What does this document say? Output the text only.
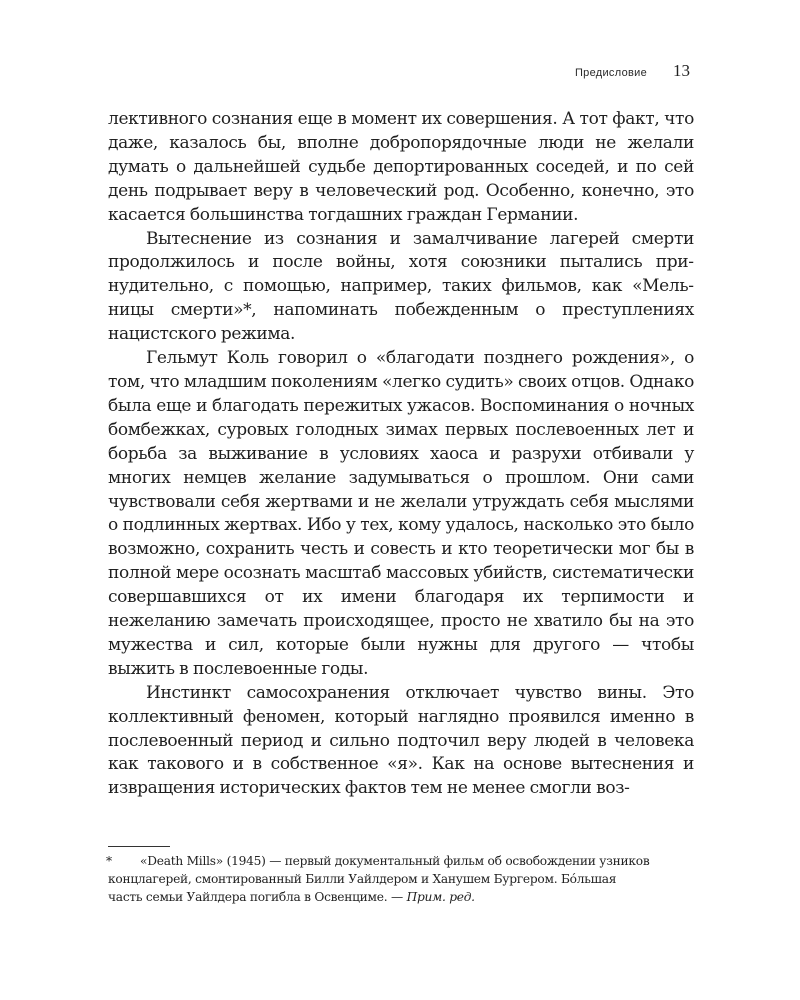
Предисловие 13

лективного сознания еще в момент их совершения. А тот факт, что даже, казалось бы, вполне добропорядочные люди не желали думать о дальнейшей судьбе депортированных соседей, и по сей день подрывает веру в человеческий род. Особенно, конечно, это касается большинства тогдашних граждан Германии.

Вытеснение из сознания и замалчивание лагерей смерти продолжилось и после войны, хотя союзники пытались принудительно, с помощью, например, таких фильмов, как «Мельницы смерти»*, напоминать побежденным о преступлениях нацистского режима.

Гельмут Коль говорил о «благодати позднего рождения», о том, что младшим поколениям «легко судить» своих отцов. Однако была еще и благодать пережитых ужасов. Воспоминания о ночных бомбежках, суровых голодных зимах первых послевоенных лет и борьба за выживание в условиях хаоса и разрухи отбивали у многих немцев желание задумываться о прошлом. Они сами чувствовали себя жертвами и не желали утруждать себя мыслями о подлинных жертвах. Ибо у тех, кому удалось, насколько это было возможно, сохранить честь и совесть и кто теоретически мог бы в полной мере осознать масштаб массовых убийств, систематически совершавшихся от их имени благодаря их терпимости и нежеланию замечать происходящее, просто не хватило бы на это мужества и сил, которые были нужны для другого — чтобы выжить в послевоенные годы.

Инстинкт самосохранения отключает чувство вины. Это коллективный феномен, который наглядно проявился именно в послевоенный период и сильно подточил веру людей в человека как такового и в собственное «я». Как на основе вытеснения и извращения исторических фактов тем не менее смогли воз-

* «Death Mills» (1945) — первый документальный фильм об освобождении узников
концлагерей, смонтированный Билли Уайлдером и Ханушем Бургером. Бóльшая
часть семьи Уайлдера погибла в Освенциме. — Прим. ред.
